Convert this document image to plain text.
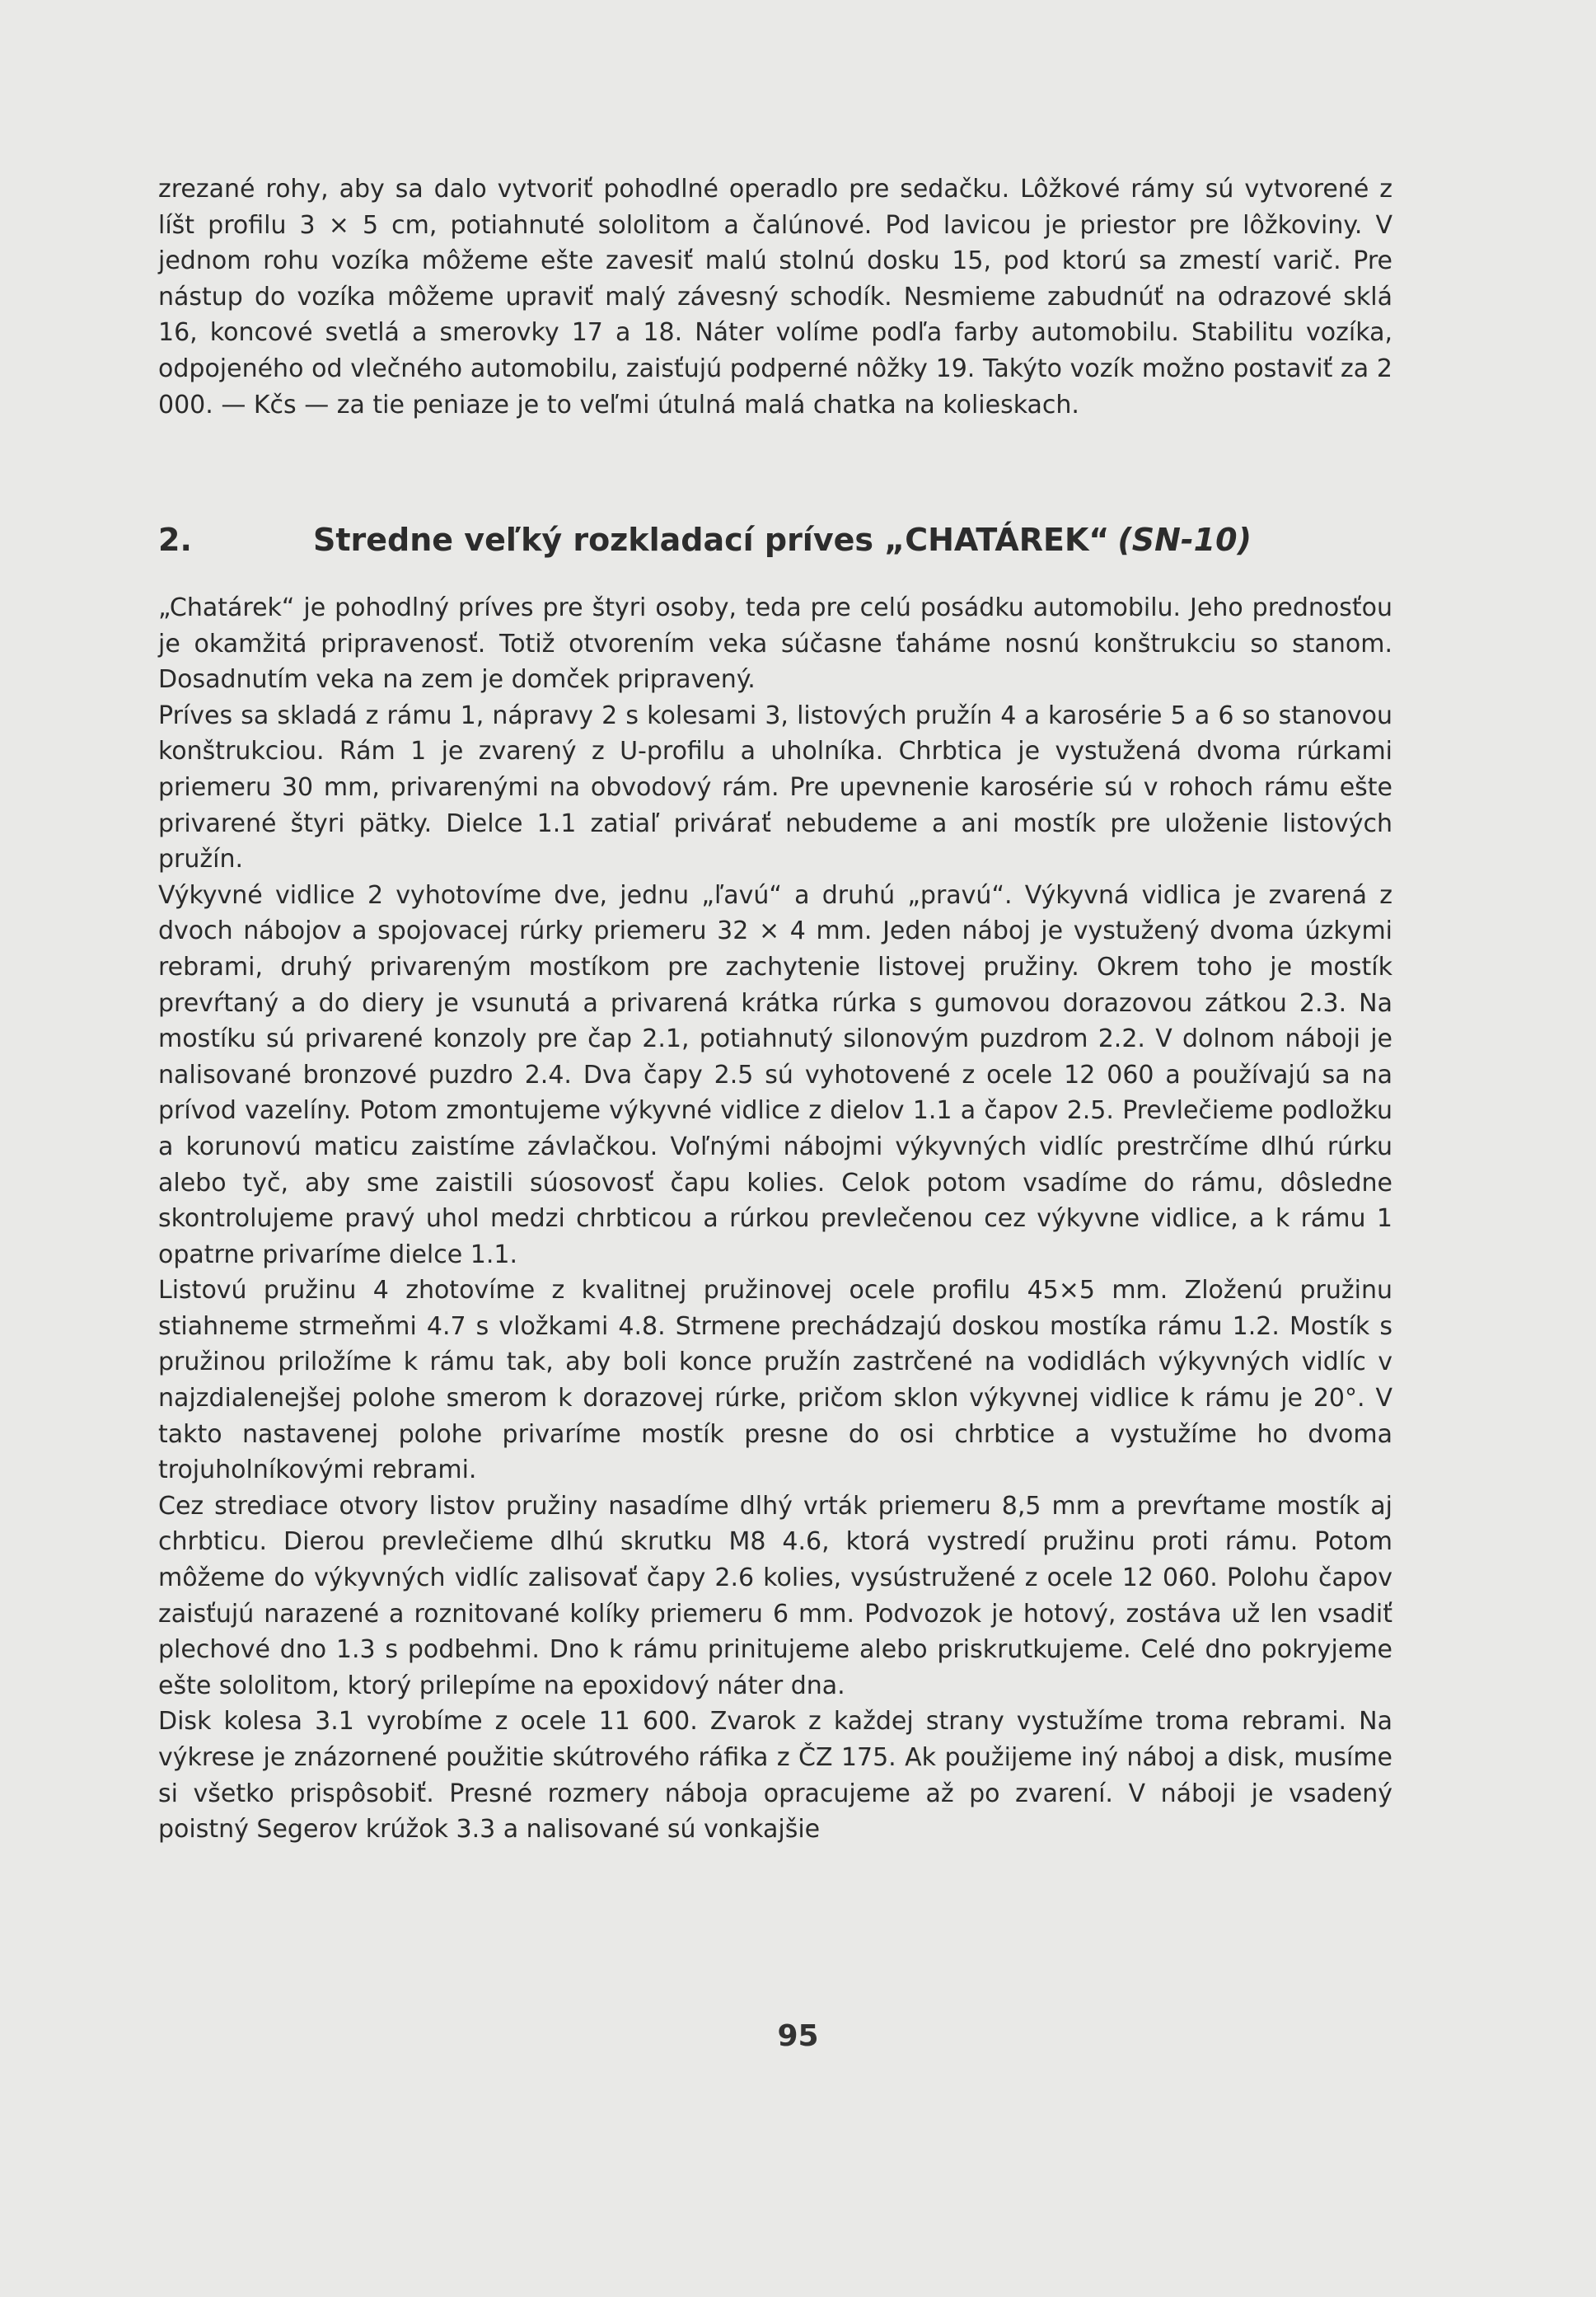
zrezané rohy, aby sa dalo vytvoriť pohodlné operadlo pre sedačku. Lôžkové rámy sú vytvorené z líšt profilu 3 × 5 cm, potiahnuté sololitom a čalúnové. Pod lavicou je priestor pre lôžkoviny. V jednom rohu vozíka môžeme ešte zavesiť malú stolnú dosku 15, pod ktorú sa zmestí varič. Pre nástup do vozíka môžeme upraviť malý závesný schodík. Nesmieme zabudnúť na odrazové sklá 16, koncové svetlá a smerovky 17 a 18. Náter volíme podľa farby automobilu. Stabilitu vozíka, odpojeného od vlečného automobilu, zaisťujú podperné nôžky 19. Takýto vozík možno postaviť za 2 000. — Kčs — za tie peniaze je to veľmi útulná malá chatka na kolieskach.

2.	Stredne veľký rozkladací príves „CHATÁREK“ (SN-10)

„Chatárek“ je pohodlný príves pre štyri osoby, teda pre celú posádku automobilu. Jeho prednosťou je okamžitá pripravenosť. Totiž otvorením veka súčasne ťaháme nosnú konštrukciu so stanom. Dosadnutím veka na zem je domček pripravený.

Príves sa skladá z rámu 1, nápravy 2 s kolesami 3, listových pružín 4 a karosérie 5 a 6 so stanovou konštrukciou. Rám 1 je zvarený z U-profilu a uholníka. Chrbtica je vystužená dvoma rúrkami priemeru 30 mm, privarenými na obvodový rám. Pre upevnenie karosérie sú v rohoch rámu ešte privarené štyri pätky. Dielce 1.1 zatiaľ privárať nebudeme a ani mostík pre uloženie listových pružín.

Výkyvné vidlice 2 vyhotovíme dve, jednu „ľavú“ a druhú „pravú“. Výkyvná vidlica je zvarená z dvoch nábojov a spojovacej rúrky priemeru 32 × 4 mm. Jeden náboj je vystužený dvoma úzkymi rebrami, druhý privareným mostíkom pre zachytenie listovej pružiny. Okrem toho je mostík prevŕtaný a do diery je vsunutá a privarená krátka rúrka s gumovou dorazovou zátkou 2.3. Na mostíku sú privarené konzoly pre čap 2.1, potiahnutý silonovým puzdrom 2.2. V dolnom náboji je nalisované bronzové puzdro 2.4. Dva čapy 2.5 sú vyhotovené z ocele 12 060 a používajú sa na prívod vazelíny. Potom zmontujeme výkyvné vidlice z dielov 1.1 a čapov 2.5. Prevlečieme podložku a korunovú maticu zaistíme závlačkou. Voľnými nábojmi výkyvných vidlíc prestrčíme dlhú rúrku alebo tyč, aby sme zaistili súosovosť čapu kolies. Celok potom vsadíme do rámu, dôsledne skontrolujeme pravý uhol medzi chrbticou a rúrkou prevlečenou cez výkyvne vidlice, a k rámu 1 opatrne privaríme dielce 1.1.

Listovú pružinu 4 zhotovíme z kvalitnej pružinovej ocele profilu 45×5 mm. Zloženú pružinu stiahneme strmeňmi 4.7 s vložkami 4.8. Strmene prechádzajú doskou mostíka rámu 1.2. Mostík s pružinou priložíme k rámu tak, aby boli konce pružín zastrčené na vodidlách výkyvných vidlíc v najzdialenejšej polohe smerom k dorazovej rúrke, pričom sklon výkyvnej vidlice k rámu je 20°. V takto nastavenej polohe privaríme mostík presne do osi chrbtice a vystužíme ho dvoma trojuholníkovými rebrami.

Cez strediace otvory listov pružiny nasadíme dlhý vrták priemeru 8,5 mm a prevŕtame mostík aj chrbticu. Dierou prevlečieme dlhú skrutku M8 4.6, ktorá vystredí pružinu proti rámu. Potom môžeme do výkyvných vidlíc zalisovať čapy 2.6 kolies, vysústružené z ocele 12 060. Polohu čapov zaisťujú narazené a roznitované kolíky priemeru 6 mm. Podvozok je hotový, zostáva už len vsadiť plechové dno 1.3 s podbehmi. Dno k rámu prinitujeme alebo priskrutkujeme. Celé dno pokryjeme ešte sololitom, ktorý prilepíme na epoxidový náter dna.

Disk kolesa 3.1 vyrobíme z ocele 11 600. Zvarok z každej strany vystužíme troma rebrami. Na výkrese je znázornené použitie skútrového ráfika z ČZ 175. Ak použijeme iný náboj a disk, musíme si všetko prispôsobiť. Presné rozmery náboja opracujeme až po zvarení. V náboji je vsadený poistný Segerov krúžok 3.3 a nalisované sú vonkajšie

95
